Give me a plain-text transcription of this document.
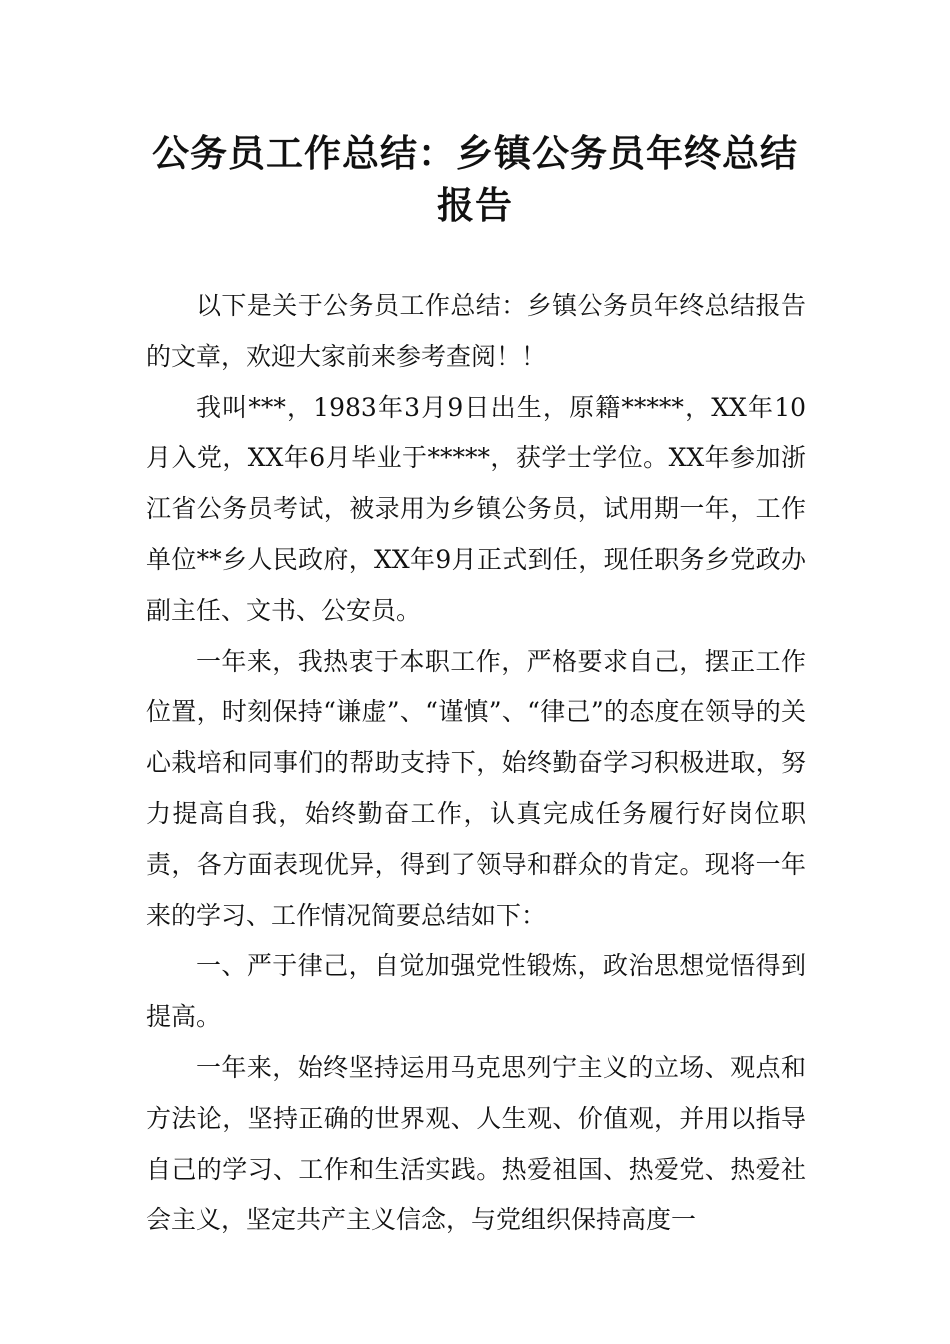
公务员工作总结：乡镇公务员年终总结报告

以下是关于公务员工作总结：乡镇公务员年终总结报告的文章，欢迎大家前来参考查阅！！

我叫***，1983年3月9日出生，原籍*****，XX年10月入党，XX年6月毕业于*****，获学士学位。XX年参加浙江省公务员考试，被录用为乡镇公务员，试用期一年，工作单位**乡人民政府，XX年9月正式到任，现任职务乡党政办副主任、文书、公安员。

一年来，我热衷于本职工作，严格要求自己，摆正工作位置，时刻保持“谦虚”、“谨慎”、“律己”的态度在领导的关心栽培和同事们的帮助支持下，始终勤奋学习积极进取，努力提高自我，始终勤奋工作，认真完成任务履行好岗位职责，各方面表现优异，得到了领导和群众的肯定。现将一年来的学习、工作情况简要总结如下：

一、严于律己，自觉加强党性锻炼，政治思想觉悟得到提高。

一年来，始终坚持运用马克思列宁主义的立场、观点和方法论，坚持正确的世界观、人生观、价值观，并用以指导自己的学习、工作和生活实践。热爱祖国、热爱党、热爱社会主义，坚定共产主义信念，与党组织保持高度一
